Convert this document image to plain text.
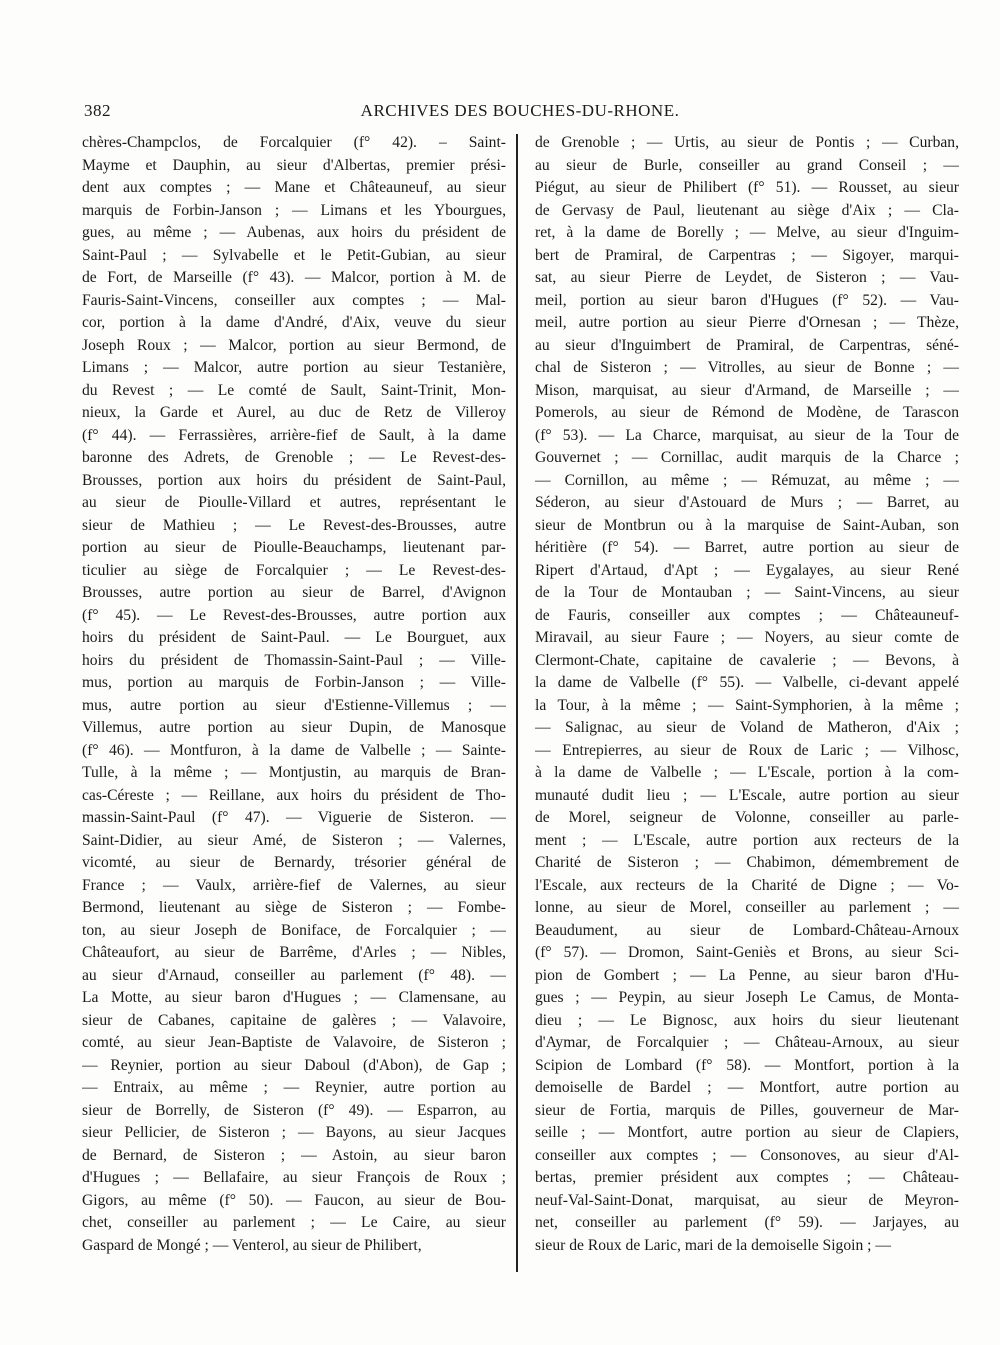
382	ARCHIVES DES BOUCHES-DU-RHONE.
chères-Champclos, de Forcalquier (f° 42). – Saint-
Mayme et Dauphin, au sieur d'Albertas, premier prési-
dent aux comptes ; — Mane et Châteauneuf, au sieur
marquis de Forbin-Janson ; — Limans et les Ybourgues,
gues, au même ; — Aubenas, aux hoirs du président de
Saint-Paul ; — Sylvabelle et le Petit-Gubian, au sieur
de Fort, de Marseille (f° 43). — Malcor, portion à M. de
Fauris-Saint-Vincens, conseiller aux comptes ; — Mal-
cor, portion à la dame d'André, d'Aix, veuve du sieur
Joseph Roux ; — Malcor, portion au sieur Bermond, de
Limans ; — Malcor, autre portion au sieur Testanière,
du Revest ; — Le comté de Sault, Saint-Trinit, Mon-
nieux, la Garde et Aurel, au duc de Retz de Villeroy
(f° 44). — Ferrassières, arrière-fief de Sault, à la dame
baronne des Adrets, de Grenoble ; — Le Revest-des-
Brousses, portion aux hoirs du président de Saint-Paul,
au sieur de Pioulle-Villard et autres, représentant le
sieur de Mathieu ; — Le Revest-des-Brousses, autre
portion au sieur de Pioulle-Beauchamps, lieutenant par-
ticulier au siège de Forcalquier ; — Le Revest-des-
Brousses, autre portion au sieur de Barrel, d'Avignon
(f° 45). — Le Revest-des-Brousses, autre portion aux
hoirs du président de Saint-Paul. — Le Bourguet, aux
hoirs du président de Thomassin-Saint-Paul ; — Ville-
mus, portion au marquis de Forbin-Janson ; — Ville-
mus, autre portion au sieur d'Estienne-Villemus ; —
Villemus, autre portion au sieur Dupin, de Manosque
(f° 46). — Montfuron, à la dame de Valbelle ; — Sainte-
Tulle, à la même ; — Montjustin, au marquis de Bran-
cas-Céreste ; — Reillane, aux hoirs du président de Tho-
massin-Saint-Paul (f° 47). — Viguerie de Sisteron. —
Saint-Didier, au sieur Amé, de Sisteron ; — Valernes,
vicomté, au sieur de Bernardy, trésorier général de
France ; — Vaulx, arrière-fief de Valernes, au sieur
Bermond, lieutenant au siège de Sisteron ; — Fombe-
ton, au sieur Joseph de Boniface, de Forcalquier ; —
Châteaufort, au sieur de Barrême, d'Arles ; — Nibles,
au sieur d'Arnaud, conseiller au parlement (f° 48). —
La Motte, au sieur baron d'Hugues ; — Clamensane, au
sieur de Cabanes, capitaine de galères ; — Valavoire,
comté, au sieur Jean-Baptiste de Valavoire, de Sisteron ;
— Reynier, portion au sieur Daboul (d'Abon), de Gap ;
— Entraix, au même ; — Reynier, autre portion au
sieur de Borrelly, de Sisteron (f° 49). — Esparron, au
sieur Pellicier, de Sisteron ; — Bayons, au sieur Jacques
de Bernard, de Sisteron ; — Astoin, au sieur baron
d'Hugues ; — Bellafaire, au sieur François de Roux ;
Gigors, au même (f° 50). — Faucon, au sieur de Bou-
chet, conseiller au parlement ; — Le Caire, au sieur
Gaspard de Mongé ; — Venterol, au sieur de Philibert,
de Grenoble ; — Urtis, au sieur de Pontis ; — Curban,
au sieur de Burle, conseiller au grand Conseil ; —
Piégut, au sieur de Philibert (f° 51). — Rousset, au sieur
de Gervasy de Paul, lieutenant au siège d'Aix ; — Cla-
ret, à la dame de Borelly ; — Melve, au sieur d'Inguim-
bert de Pramiral, de Carpentras ; — Sigoyer, marqui-
sat, au sieur Pierre de Leydet, de Sisteron ; — Vau-
meil, portion au sieur baron d'Hugues (f° 52). — Vau-
meil, autre portion au sieur Pierre d'Ornesan ; — Thèze,
au sieur d'Inguimbert de Pramiral, de Carpentras, séné-
chal de Sisteron ; — Vitrolles, au sieur de Bonne ; —
Mison, marquisat, au sieur d'Armand, de Marseille ; —
Pomerols, au sieur de Rémond de Modène, de Tarascon
(f° 53). — La Charce, marquisat, au sieur de la Tour de
Gouvernet ; — Cornillac, audit marquis de la Charce ;
— Cornillon, au même ; — Rémuzat, au même ; —
Séderon, au sieur d'Astouard de Murs ; — Barret, au
sieur de Montbrun ou à la marquise de Saint-Auban, son
héritière (f° 54). — Barret, autre portion au sieur de
Ripert d'Artaud, d'Apt ; — Eygalayes, au sieur René
de la Tour de Montauban ; — Saint-Vincens, au sieur
de Fauris, conseiller aux comptes ; — Châteauneuf-
Miravail, au sieur Faure ; — Noyers, au sieur comte de
Clermont-Chate, capitaine de cavalerie ; — Bevons, à
la dame de Valbelle (f° 55). — Valbelle, ci-devant appelé
la Tour, à la même ; — Saint-Symphorien, à la même ;
— Salignac, au sieur de Voland de Matheron, d'Aix ;
— Entrepierres, au sieur de Roux de Laric ; — Vilhosc,
à la dame de Valbelle ; — L'Escale, portion à la com-
munauté dudit lieu ; — L'Escale, autre portion au sieur
de Morel, seigneur de Volonne, conseiller au parle-
ment ; — L'Escale, autre portion aux recteurs de la
Charité de Sisteron ; — Chabimon, démembrement de
l'Escale, aux recteurs de la Charité de Digne ; — Vo-
lonne, au sieur de Morel, conseiller au parlement ; —
Beaudument, au sieur de Lombard-Château-Arnoux
(f° 57). — Dromon, Saint-Geniès et Brons, au sieur Sci-
pion de Gombert ; — La Penne, au sieur baron d'Hu-
gues ; — Peypin, au sieur Joseph Le Camus, de Monta-
dieu ; — Le Bignosc, aux hoirs du sieur lieutenant
d'Aymar, de Forcalquier ; — Château-Arnoux, au sieur
Scipion de Lombard (f° 58). — Montfort, portion à la
demoiselle de Bardel ; — Montfort, autre portion au
sieur de Fortia, marquis de Pilles, gouverneur de Mar-
seille ; — Montfort, autre portion au sieur de Clapiers,
conseiller aux comptes ; — Consonoves, au sieur d'Al-
bertas, premier président aux comptes ; — Château-
neuf-Val-Saint-Donat, marquisat, au sieur de Meyron-
net, conseiller au parlement (f° 59). — Jarjayes, au
sieur de Roux de Laric, mari de la demoiselle Sigoin ; —
